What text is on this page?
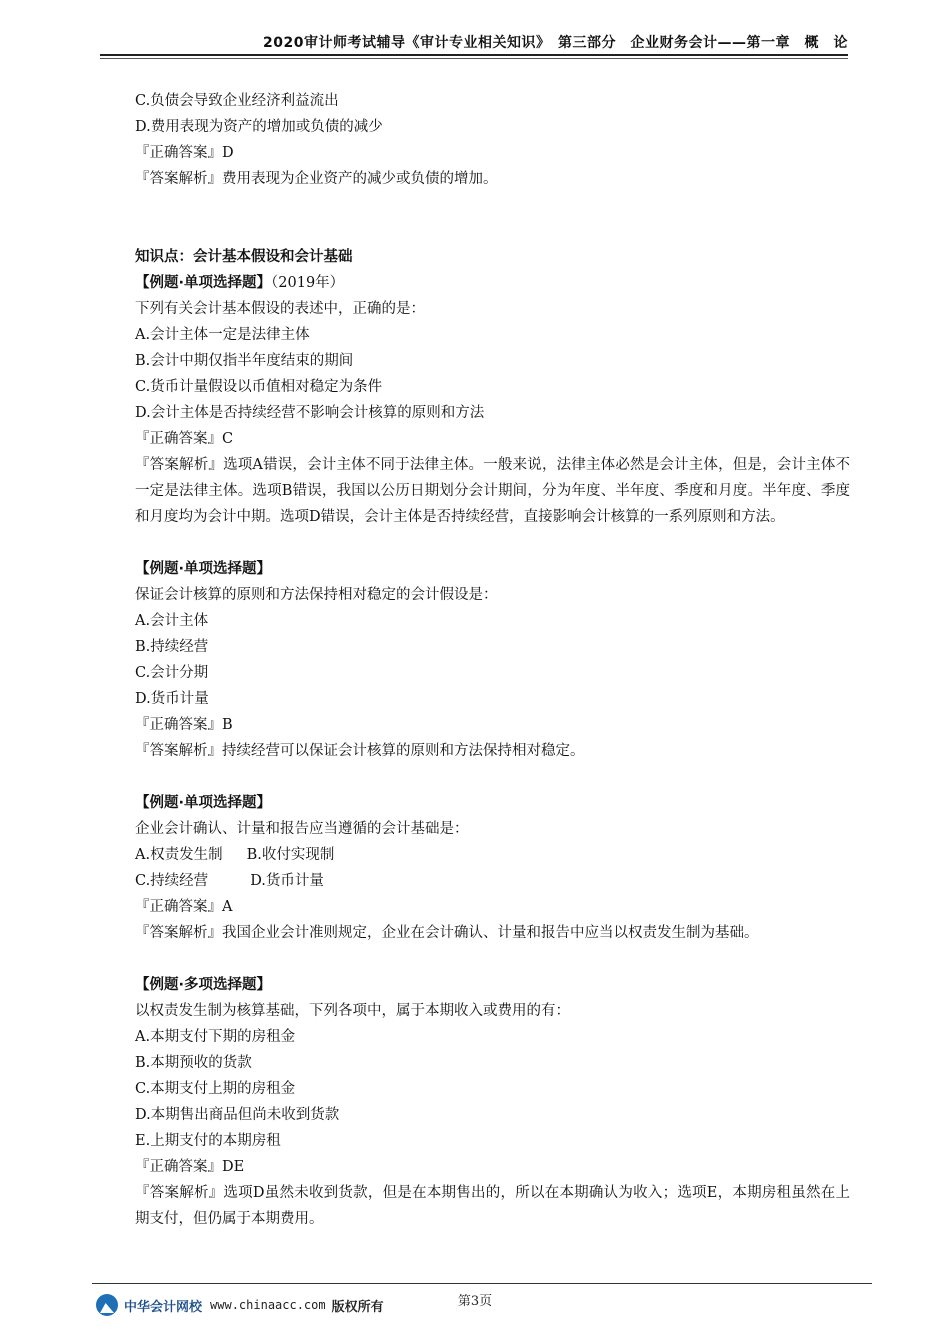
2020审计师考试辅导《审计专业相关知识》　第三部分　企业财务会计——第一章　概　论

C.负债会导致企业经济利益流出

D.费用表现为资产的增加或负债的减少

『正确答案』D

『答案解析』费用表现为企业资产的减少或负债的增加。

知识点：会计基本假设和会计基础

【例题·单项选择题】（2019年）

下列有关会计基本假设的表述中，正确的是：

A.会计主体一定是法律主体

B.会计中期仅指半年度结束的期间

C.货币计量假设以币值相对稳定为条件

D.会计主体是否持续经营不影响会计核算的原则和方法

『正确答案』C

『答案解析』选项A错误，会计主体不同于法律主体。一般来说，法律主体必然是会计主体，但是，会计主体不一定是法律主体。选项B错误，我国以公历日期划分会计期间，分为年度、半年度、季度和月度。半年度、季度和月度均为会计中期。选项D错误，会计主体是否持续经营，直接影响会计核算的一系列原则和方法。

【例题·单项选择题】

保证会计核算的原则和方法保持相对稳定的会计假设是：

A.会计主体

B.持续经营

C.会计分期

D.货币计量

『正确答案』B

『答案解析』持续经营可以保证会计核算的原则和方法保持相对稳定。

【例题·单项选择题】

企业会计确认、计量和报告应当遵循的会计基础是：

A.权责发生制 B.收付实现制

C.持续经营	D.货币计量

『正确答案』A

『答案解析』我国企业会计准则规定，企业在会计确认、计量和报告中应当以权责发生制为基础。

【例题·多项选择题】

以权责发生制为核算基础，下列各项中，属于本期收入或费用的有：

A.本期支付下期的房租金

B.本期预收的货款

C.本期支付上期的房租金

D.本期售出商品但尚未收到货款

E.上期支付的本期房租

『正确答案』DE

『答案解析』选项D虽然未收到货款，但是在本期售出的，所以在本期确认为收入；选项E，本期房租虽然在上期支付，但仍属于本期费用。

第3页
中华会计网校 www.chinaacc.com 版权所有
